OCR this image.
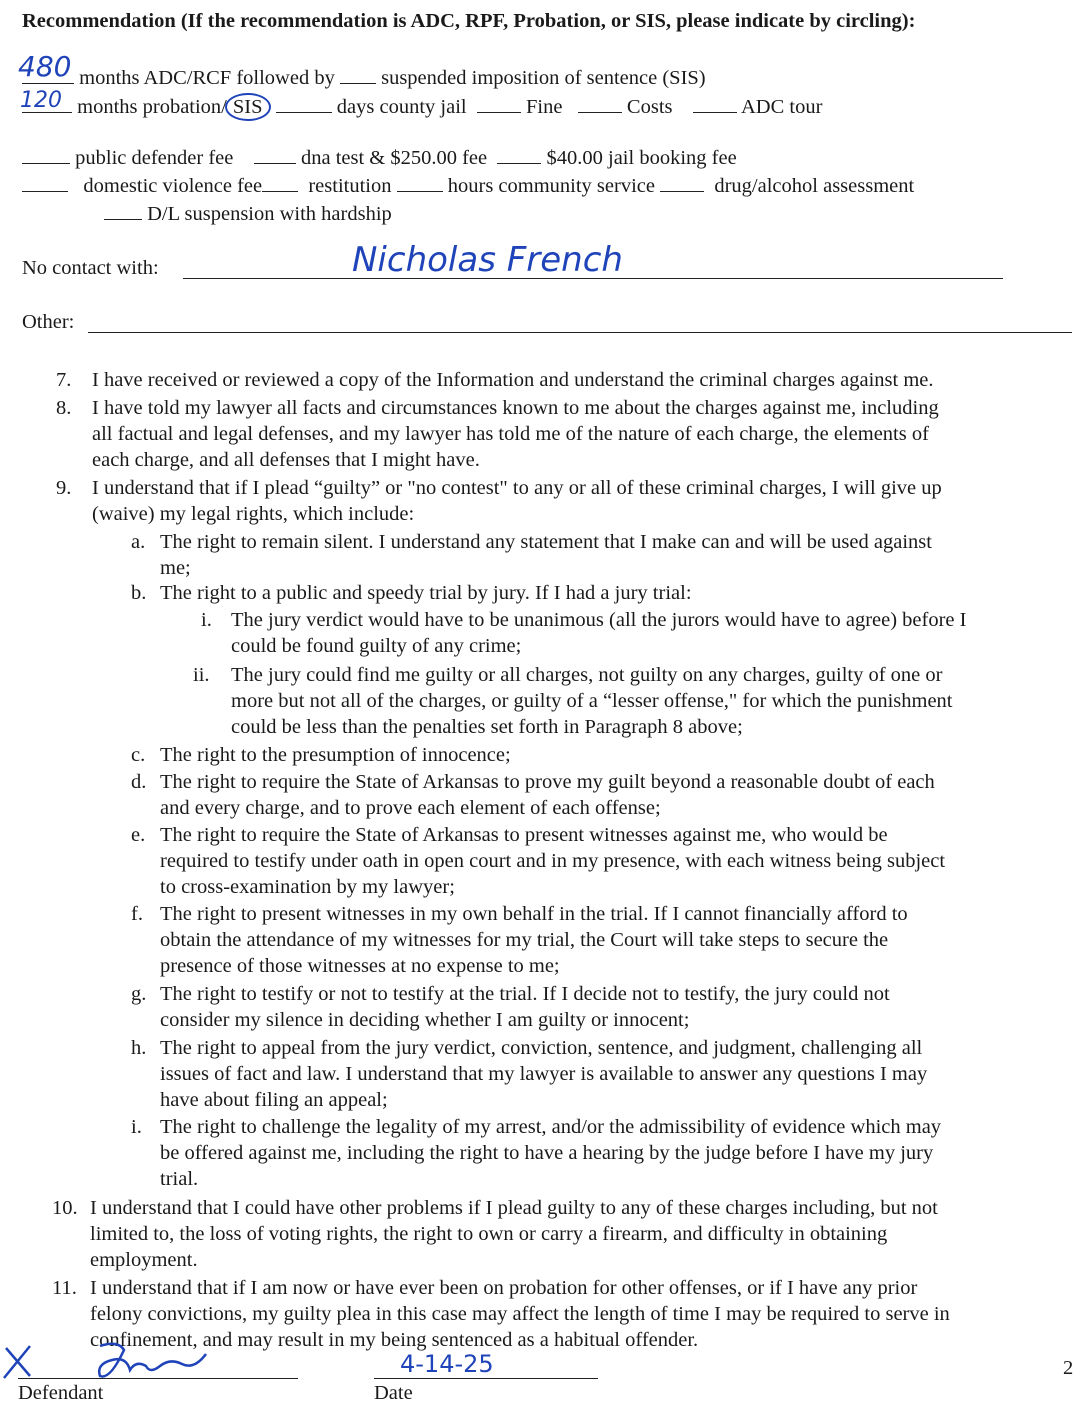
Recommendation (If the recommendation is ADC, RPF, Probation, or SIS, please indicate by circling):
months ADC/RCF followed by suspended imposition of sentence (SIS)
480
months probation/ SIS	days county jail	Fine	Costs	ADC tour
120
public defender fee	dna test & $250.00 fee	$40.00 jail booking fee
domestic violence fee restitution	hours community service	drug/alcohol assessment
D/L suspension with hardship
No contact with:	Nicholas French
Other:
7. I have received or reviewed a copy of the Information and understand the criminal charges against me.
8. I have told my lawyer all facts and circumstances known to me about the charges against me, including
all factual and legal defenses, and my lawyer has told me of the nature of each charge, the elements of
each charge, and all defenses that I might have.
9. I understand that if I plead “guilty” or "no contest" to any or all of these criminal charges, I will give up
(waive) my legal rights, which include:
a. The right to remain silent. I understand any statement that I make can and will be used against
me;
b. The right to a public and speedy trial by jury. If I had a jury trial:
i. The jury verdict would have to be unanimous (all the jurors would have to agree) before I
could be found guilty of any crime;
ii. The jury could find me guilty or all charges, not guilty on any charges, guilty of one or
more but not all of the charges, or guilty of a “lesser offense," for which the punishment
could be less than the penalties set forth in Paragraph 8 above;
c. The right to the presumption of innocence;
d. The right to require the State of Arkansas to prove my guilt beyond a reasonable doubt of each
and every charge, and to prove each element of each offense;
e. The right to require the State of Arkansas to present witnesses against me, who would be
required to testify under oath in open court and in my presence, with each witness being subject
to cross-examination by my lawyer;
f. The right to present witnesses in my own behalf in the trial. If I cannot financially afford to
obtain the attendance of my witnesses for my trial, the Court will take steps to secure the
presence of those witnesses at no expense to me;
g. The right to testify or not to testify at the trial. If I decide not to testify, the jury could not
consider my silence in deciding whether I am guilty or innocent;
h. The right to appeal from the jury verdict, conviction, sentence, and judgment, challenging all
issues of fact and law. I understand that my lawyer is available to answer any questions I may
have about filing an appeal;
i. The right to challenge the legality of my arrest, and/or the admissibility of evidence which may
be offered against me, including the right to have a hearing by the judge before I have my jury
trial.
10. I understand that I could have other problems if I plead guilty to any of these charges including, but not
limited to, the loss of voting rights, the right to own or carry a firearm, and difficulty in obtaining
employment.
11. I understand that if I am now or have ever been on probation for other offenses, or if I have any prior
felony convictions, my guilty plea in this case may affect the length of time I may be required to serve in
confinement, and may result in my being sentenced as a habitual offender.
Defendant
4-14-25
Date
2
